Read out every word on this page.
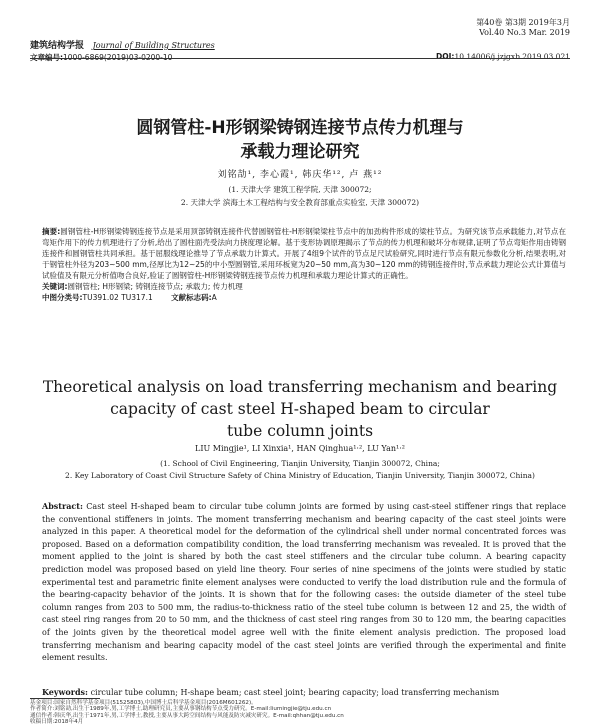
建筑结构学报 Journal of Building Structures
第40卷 第3期 2019年3月
Vol.40 No.3 Mar. 2019
文章编号:1000-6869(2019)03-0200-10	DOI:10.14006/j.jzjgxb.2019.03.021
圆钢管柱-H形钢梁铸钢连接节点传力机理与
承载力理论研究
刘铭劼¹, 李心霞¹, 韩庆华¹², 卢 燕¹²
(1. 天津大学 建筑工程学院, 天津 300072;
2. 天津大学 滨海土木工程结构与安全教育部重点实验室, 天津 300072)
摘要:圆钢管柱-H形钢梁铸钢连接节点是采用顶部铸钢连接件代替圆钢管柱-H形钢梁梁柱节点中的加劲构件形成的梁柱节点。为研究该节点承载能力,对节点在弯矩作用下的传力机理进行了分析,给出了圆柱面壳受法向力挠度理论解。基于变形协调原理揭示了节点的传力机理和破坏分布规律,证明了节点弯矩作用由铸钢连接件和圆钢管柱共同承担。基于屈服线理论推导了节点承载力计算式。开展了4组9个试件的节点足尺试验研究,同时进行节点有限元参数化分析,结果表明,对于钢管柱外径为203~500 mm,径厚比为12~25的中小型圆钢管,采用环板宽为20~50 mm,高为30~120 mm的铸钢连接件时,节点承载力理论公式计算值与试验值及有限元分析值吻合良好,验证了圆钢管柱-H形钢梁铸钢连接节点传力机理和承载力理论计算式的正确性。
关键词:圆钢管柱; H形钢梁; 铸钢连接节点; 承载力; 传力机理
中图分类号:TU391.02 TU317.1 文献标志码:A
Theoretical analysis on load transferring mechanism and bearing
capacity of cast steel H-shaped beam to circular
tube column joints
LIU Mingjie¹, LI Xinxia¹, HAN Qinghua¹·², LU Yan¹·²
(1. School of Civil Engineering, Tianjin University, Tianjin 300072, China;
2. Key Laboratory of Coast Civil Structure Safety of China Ministry of Education, Tianjin University, Tianjin 300072, China)
Abstract: Cast steel H-shaped beam to circular tube column joints are formed by using cast-steel stiffener rings that replace the conventional stiffeners in joints. The moment transferring mechanism and bearing capacity of the cast steel joints were analyzed in this paper. A theoretical model for the deformation of the cylindrical shell under normal concentrated forces was proposed. Based on a deformation compatibility condition, the load transferring mechanism was revealed. It is proved that the moment applied to the joint is shared by both the cast steel stiffeners and the circular tube column. A bearing capacity prediction model was proposed based on yield line theory. Four series of nine specimens of the joints were studied by static experimental test and parametric finite element analyses were conducted to verify the load distribution rule and the formula of the bearing-capacity behavior of the joints. It is shown that for the following cases: the outside diameter of the steel tube column ranges from 203 to 500 mm, the radius-to-thickness ratio of the steel tube column is between 12 and 25, the width of cast steel ring ranges from 20 to 50 mm, and the thickness of cast steel ring ranges from 30 to 120 mm, the bearing capacities of the joints given by the theoretical model agree well with the finite element analysis prediction. The proposed load transferring mechanism and bearing capacity model of the cast steel joints are verified through the experimental and finite element results.
Keywords: circular tube column; H-shape beam; cast steel joint; bearing capacity; load transferring mechanism
基金项目:国家自然科学基金项目(51525803),中国博士后科学基金项目(2016M601262)。
作者简介:刘铭劼,出生于1989年,男,工学博士,助理研究员,主要从事钢结构节点受力研究。E-mail:liumingjie@tju.edu.cn
通信作者:韩庆华,出生于1971年,男,工学博士,教授,主要从事大跨空间结构与风能及防灾减灾研究。E-mail:qhhan@tju.edu.cn
收稿日期:2018年4月
